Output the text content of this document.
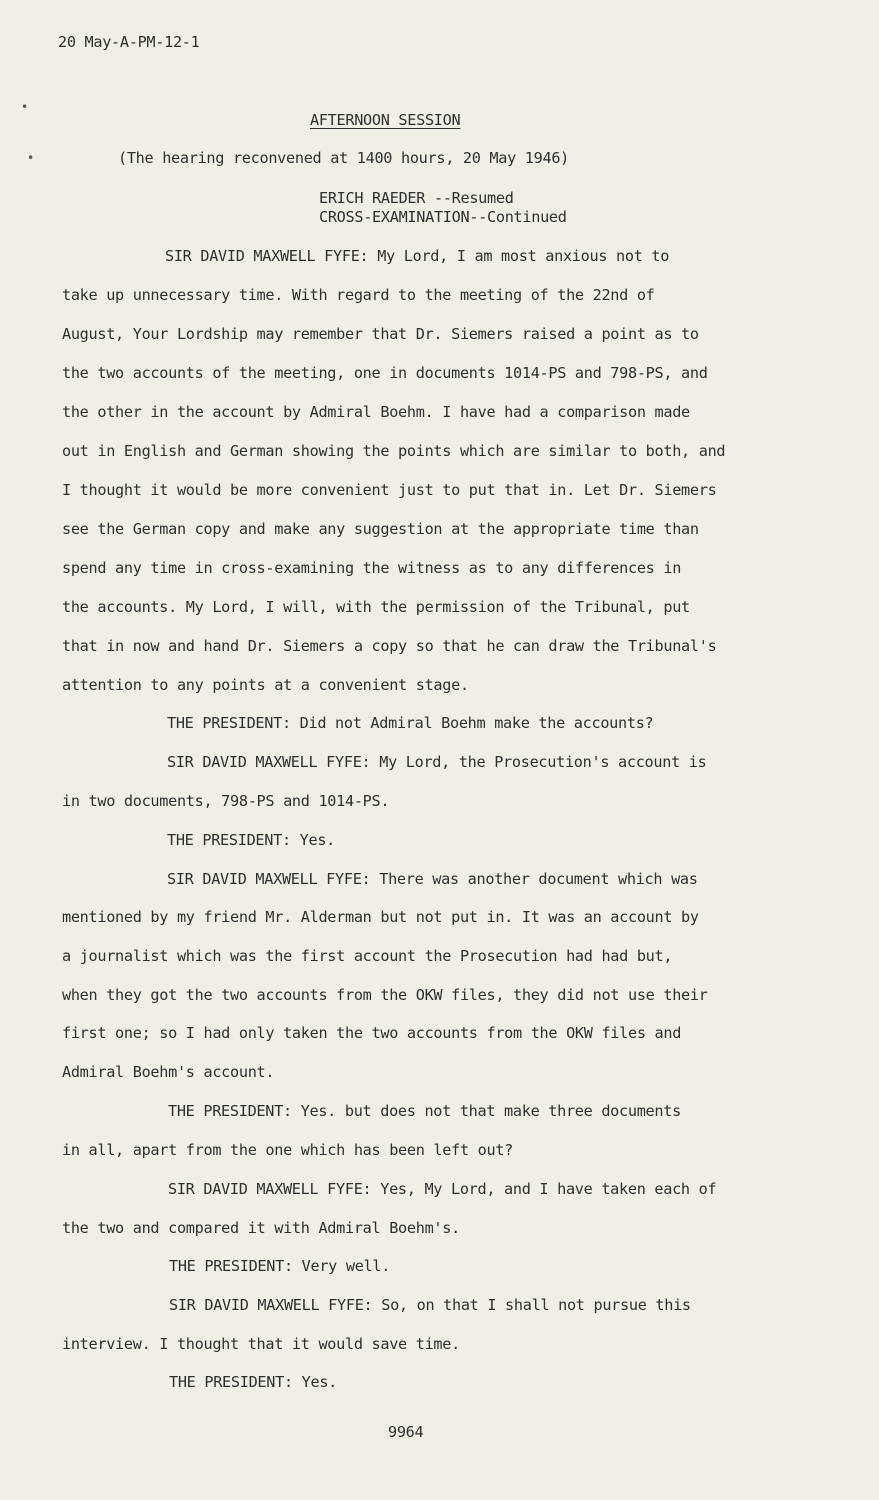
20 May-A-PM-12-1
•
•
AFTERNOON SESSION
(The hearing reconvened at 1400 hours, 20 May 1946)
ERICH RAEDER --Resumed
CROSS-EXAMINATION--Continued
SIR DAVID MAXWELL FYFE: My Lord, I am most anxious not to
take up unnecessary time. With regard to the meeting of the 22nd of
August, Your Lordship may remember that Dr. Siemers raised a point as to
the two accounts of the meeting, one in documents 1014-PS and 798-PS, and
the other in the account by Admiral Boehm. I have had a comparison made
out in English and German showing the points which are similar to both, and
I thought it would be more convenient just to put that in. Let Dr. Siemers
see the German copy and make any suggestion at the appropriate time than
spend any time in cross-examining the witness as to any differences in
the accounts. My Lord, I will, with the permission of the Tribunal, put
that in now and hand Dr. Siemers a copy so that he can draw the Tribunal's
attention to any points at a convenient stage.
THE PRESIDENT: Did not Admiral Boehm make the accounts?
SIR DAVID MAXWELL FYFE: My Lord, the Prosecution's account is
in two documents, 798-PS and 1014-PS.
THE PRESIDENT: Yes.
SIR DAVID MAXWELL FYFE: There was another document which was
mentioned by my friend Mr. Alderman but not put in. It was an account by
a journalist which was the first account the Prosecution had had but,
when they got the two accounts from the OKW files, they did not use their
first one; so I had only taken the two accounts from the OKW files and
Admiral Boehm's account.
THE PRESIDENT: Yes. but does not that make three documents
in all, apart from the one which has been left out?
SIR DAVID MAXWELL FYFE: Yes, My Lord, and I have taken each of
the two and compared it with Admiral Boehm's.
THE PRESIDENT: Very well.
SIR DAVID MAXWELL FYFE: So, on that I shall not pursue this
interview. I thought that it would save time.
THE PRESIDENT: Yes.
9964
